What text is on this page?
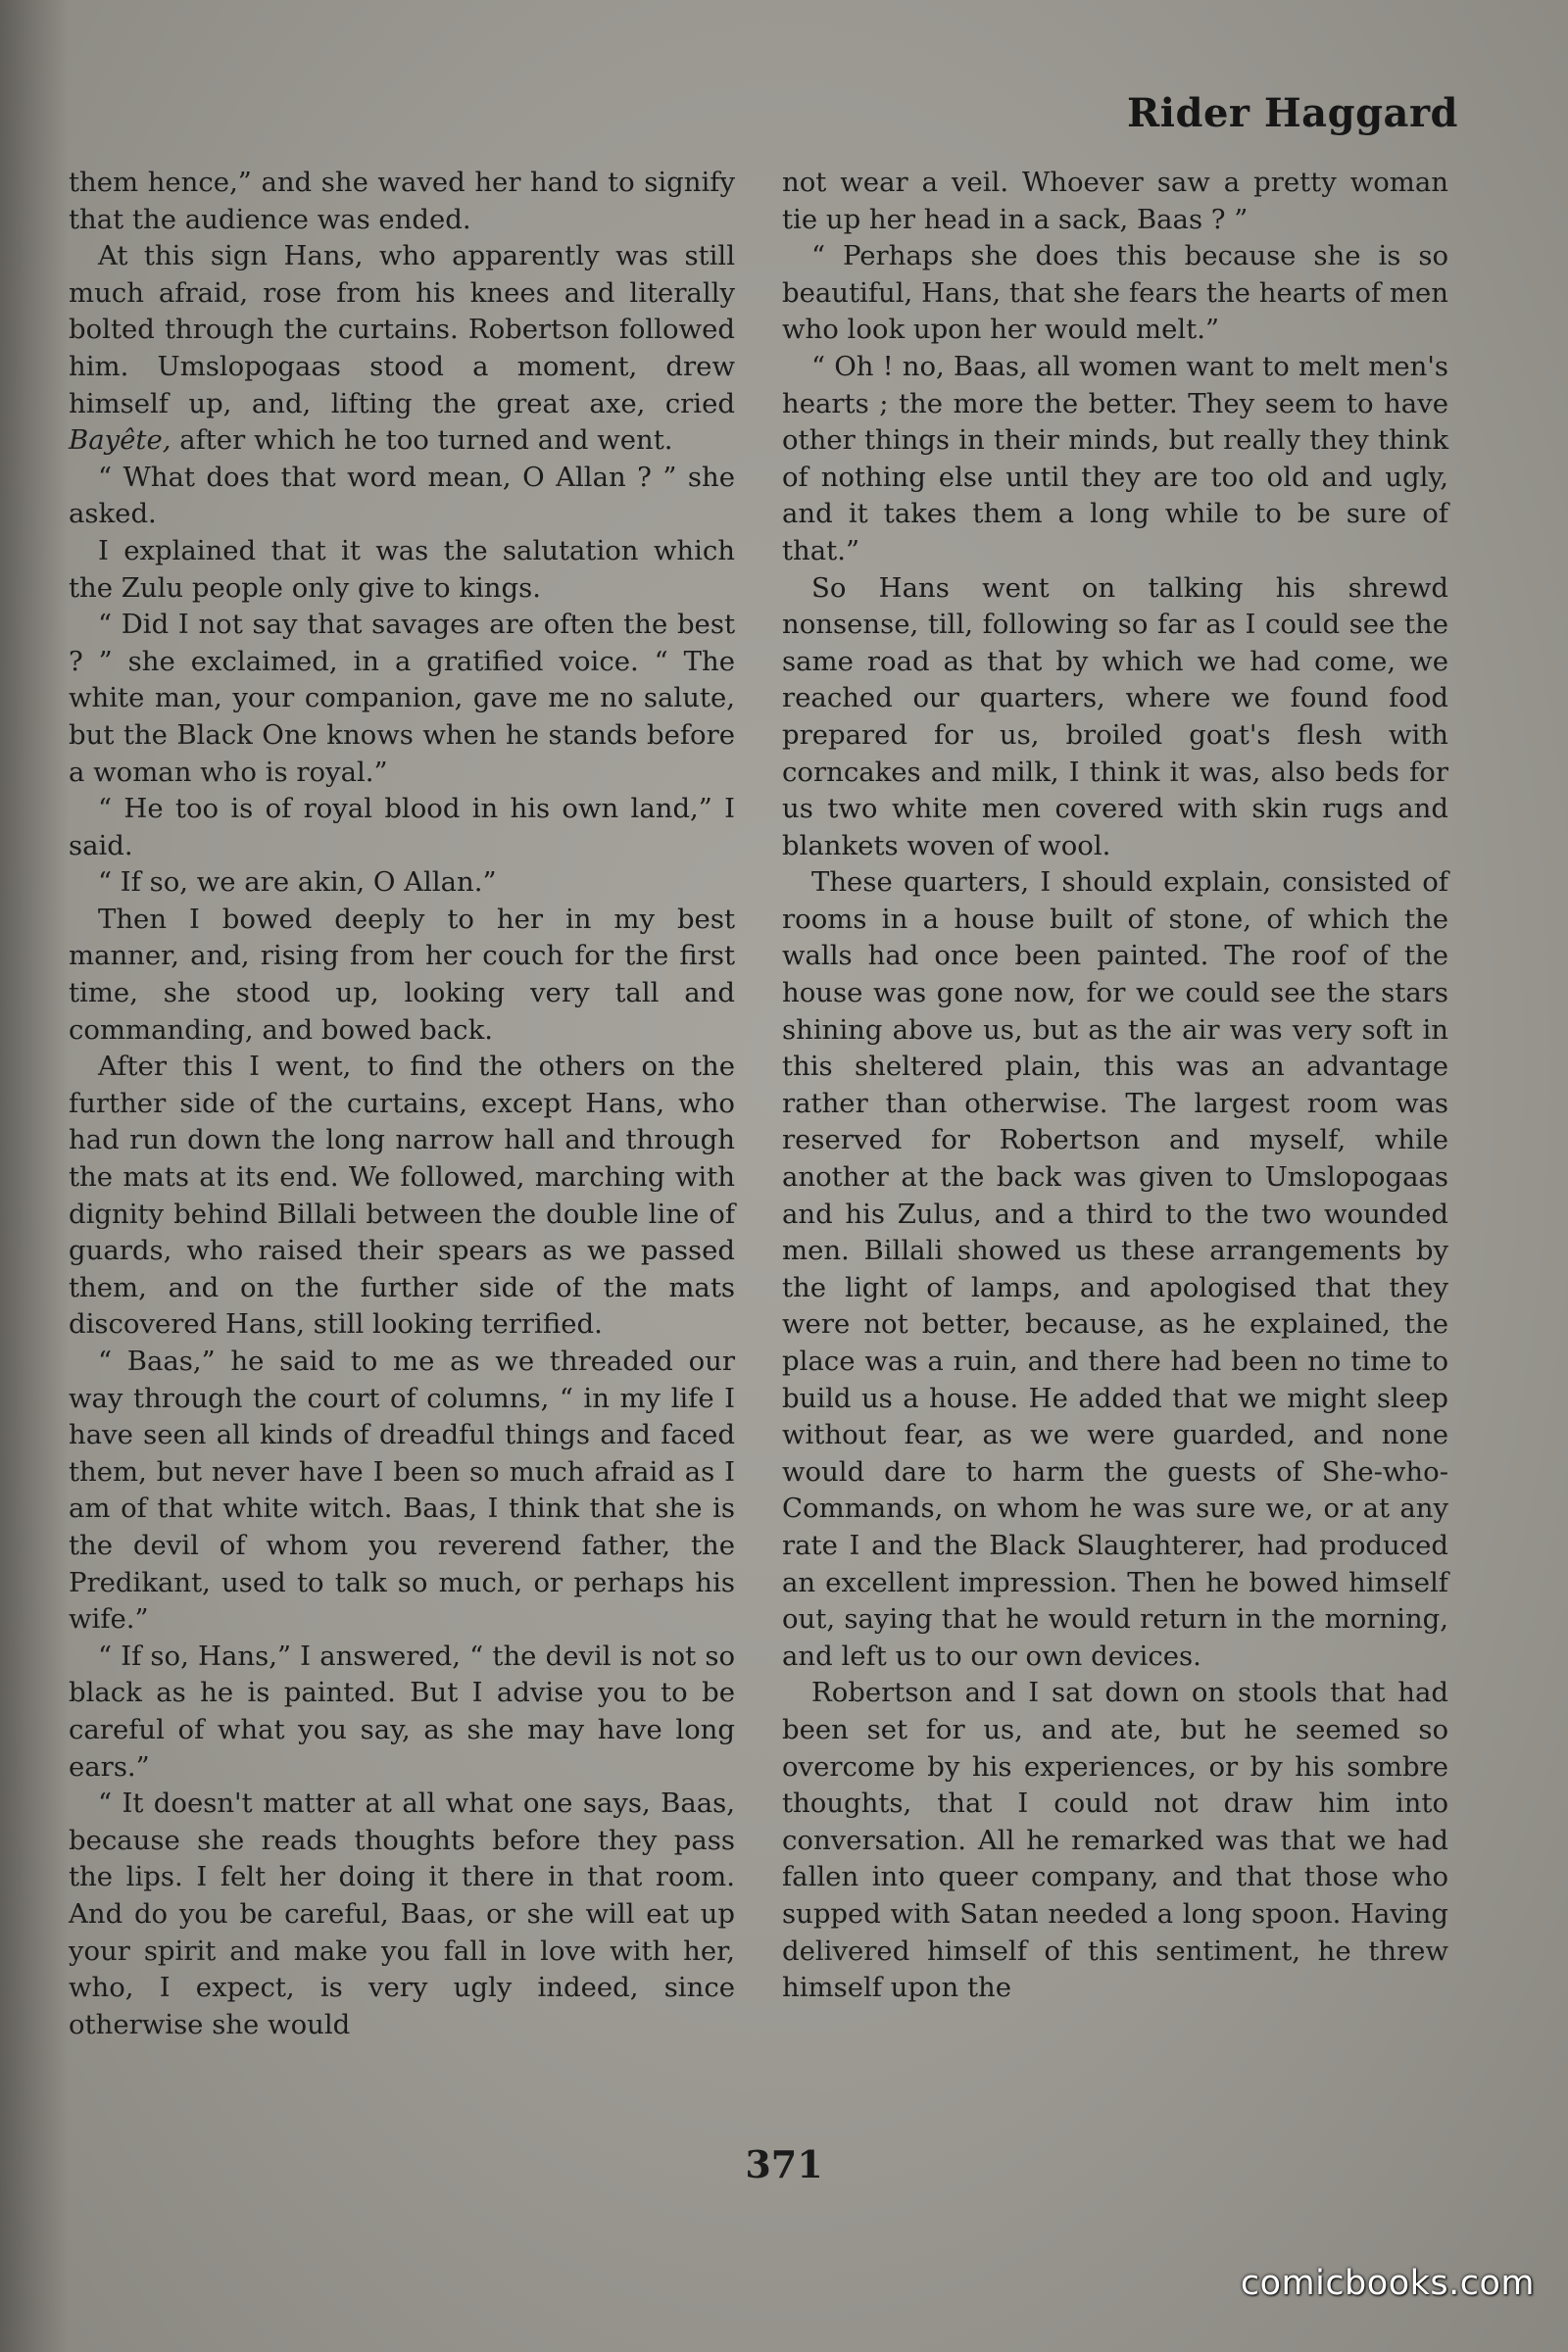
Rider Haggard

them hence,” and she waved her hand to signify that the audience was ended.

At this sign Hans, who apparently was still much afraid, rose from his knees and literally bolted through the curtains. Robertson followed him. Umslopogaas stood a moment, drew himself up, and, lifting the great axe, cried Bayête, after which he too turned and went.

“ What does that word mean, O Allan ? ” she asked.

I explained that it was the salutation which the Zulu people only give to kings.

“ Did I not say that savages are often the best ? ” she exclaimed, in a gratified voice. “ The white man, your companion, gave me no salute, but the Black One knows when he stands before a woman who is royal.”

“ He too is of royal blood in his own land,” I said.

“ If so, we are akin, O Allan.”

Then I bowed deeply to her in my best manner, and, rising from her couch for the first time, she stood up, looking very tall and commanding, and bowed back.

After this I went, to find the others on the further side of the curtains, except Hans, who had run down the long narrow hall and through the mats at its end. We followed, marching with dignity behind Billali between the double line of guards, who raised their spears as we passed them, and on the further side of the mats discovered Hans, still looking terrified.

“ Baas,” he said to me as we threaded our way through the court of columns, “ in my life I have seen all kinds of dreadful things and faced them, but never have I been so much afraid as I am of that white witch. Baas, I think that she is the devil of whom you reverend father, the Predikant, used to talk so much, or perhaps his wife.”

“ If so, Hans,” I answered, “ the devil is not so black as he is painted. But I advise you to be careful of what you say, as she may have long ears.”

“ It doesn't matter at all what one says, Baas, because she reads thoughts before they pass the lips. I felt her doing it there in that room. And do you be careful, Baas, or she will eat up your spirit and make you fall in love with her, who, I expect, is very ugly indeed, since otherwise she would

not wear a veil. Whoever saw a pretty woman tie up her head in a sack, Baas ? ”

“ Perhaps she does this because she is so beautiful, Hans, that she fears the hearts of men who look upon her would melt.”

“ Oh ! no, Baas, all women want to melt men's hearts ; the more the better. They seem to have other things in their minds, but really they think of nothing else until they are too old and ugly, and it takes them a long while to be sure of that.”

So Hans went on talking his shrewd nonsense, till, following so far as I could see the same road as that by which we had come, we reached our quarters, where we found food prepared for us, broiled goat's flesh with corncakes and milk, I think it was, also beds for us two white men covered with skin rugs and blankets woven of wool.

These quarters, I should explain, consisted of rooms in a house built of stone, of which the walls had once been painted. The roof of the house was gone now, for we could see the stars shining above us, but as the air was very soft in this sheltered plain, this was an advantage rather than otherwise. The largest room was reserved for Robertson and myself, while another at the back was given to Umslopogaas and his Zulus, and a third to the two wounded men. Billali showed us these arrangements by the light of lamps, and apologised that they were not better, because, as he explained, the place was a ruin, and there had been no time to build us a house. He added that we might sleep without fear, as we were guarded, and none would dare to harm the guests of She-who-Commands, on whom he was sure we, or at any rate I and the Black Slaughterer, had produced an excellent impression. Then he bowed himself out, saying that he would return in the morning, and left us to our own devices.

Robertson and I sat down on stools that had been set for us, and ate, but he seemed so overcome by his experiences, or by his sombre thoughts, that I could not draw him into conversation. All he remarked was that we had fallen into queer company, and that those who supped with Satan needed a long spoon. Having delivered himself of this sentiment, he threw himself upon the

371

comicbooks.com
